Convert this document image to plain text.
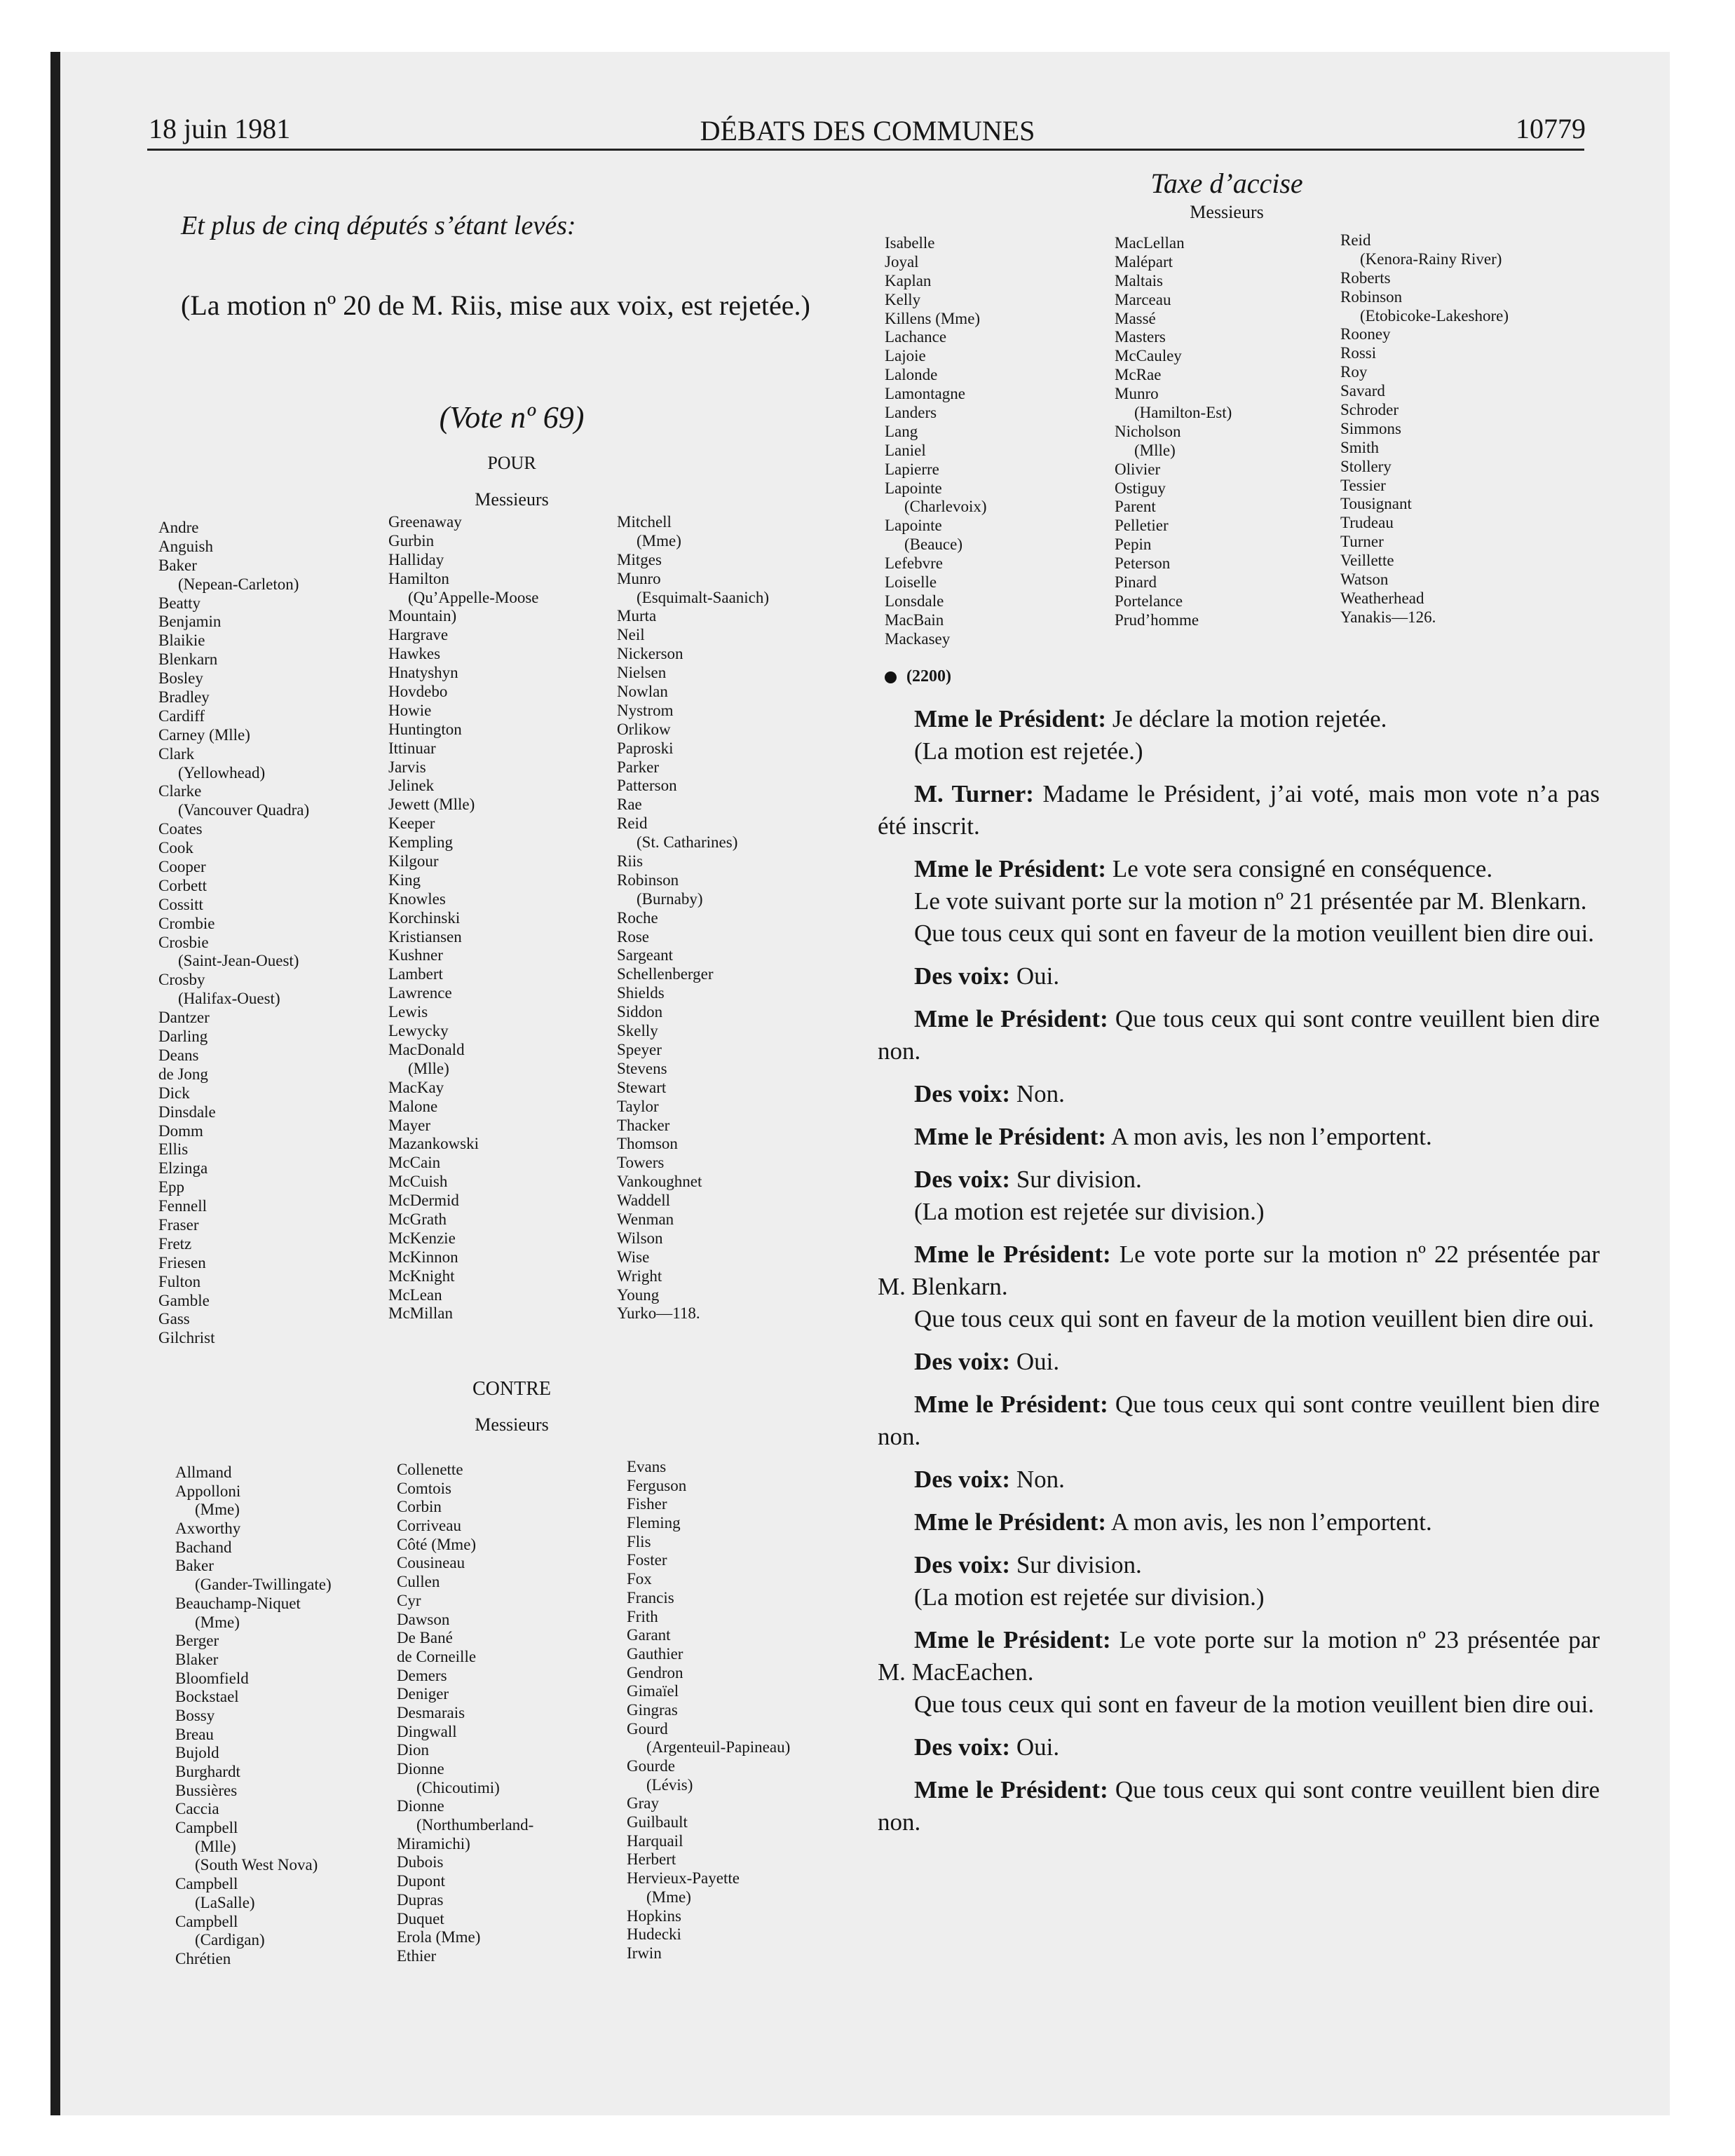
18 juin 1981	DÉBATS DES COMMUNES	10779
Et plus de cinq députés s’étant levés:
(La motion nº 20 de M. Riis, mise aux voix, est rejetée.)
(Vote nº 69)
POUR
Messieurs
Andre
Anguish
Baker
(Nepean-Carleton)
Beatty
Benjamin
Blaikie
Blenkarn
Bosley
Bradley
Cardiff
Carney (Mlle)
Clark
(Yellowhead)
Clarke
(Vancouver Quadra)
Coates
Cook
Cooper
Corbett
Cossitt
Crombie
Crosbie
(Saint-Jean-Ouest)
Crosby
(Halifax-Ouest)
Dantzer
Darling
Deans
de Jong
Dick
Dinsdale
Domm
Ellis
Elzinga
Epp
Fennell
Fraser
Fretz
Friesen
Fulton
Gamble
Gass
Gilchrist
Greenaway
Gurbin
Halliday
Hamilton
(Qu’Appelle-Moose
Mountain)
Hargrave
Hawkes
Hnatyshyn
Hovdebo
Howie
Huntington
Ittinuar
Jarvis
Jelinek
Jewett (Mlle)
Keeper
Kempling
Kilgour
King
Knowles
Korchinski
Kristiansen
Kushner
Lambert
Lawrence
Lewis
Lewycky
MacDonald
(Mlle)
MacKay
Malone
Mayer
Mazankowski
McCain
McCuish
McDermid
McGrath
McKenzie
McKinnon
McKnight
McLean
McMillan
Mitchell
(Mme)
Mitges
Munro
(Esquimalt-Saanich)
Murta
Neil
Nickerson
Nielsen
Nowlan
Nystrom
Orlikow
Paproski
Parker
Patterson
Rae
Reid
(St. Catharines)
Riis
Robinson
(Burnaby)
Roche
Rose
Sargeant
Schellenberger
Shields
Siddon
Skelly
Speyer
Stevens
Stewart
Taylor
Thacker
Thomson
Towers
Vankoughnet
Waddell
Wenman
Wilson
Wise
Wright
Young
Yurko—118.
CONTRE
Messieurs
Allmand
Appolloni
(Mme)
Axworthy
Bachand
Baker
(Gander-Twillingate)
Beauchamp-Niquet
(Mme)
Berger
Blaker
Bloomfield
Bockstael
Bossy
Breau
Bujold
Burghardt
Bussières
Caccia
Campbell
(Mlle)
(South West Nova)
Campbell
(LaSalle)
Campbell
(Cardigan)
Chrétien
Collenette
Comtois
Corbin
Corriveau
Côté (Mme)
Cousineau
Cullen
Cyr
Dawson
De Bané
de Corneille
Demers
Deniger
Desmarais
Dingwall
Dion
Dionne
(Chicoutimi)
Dionne
(Northumberland-
Miramichi)
Dubois
Dupont
Dupras
Duquet
Erola (Mme)
Ethier
Evans
Ferguson
Fisher
Fleming
Flis
Foster
Fox
Francis
Frith
Garant
Gauthier
Gendron
Gimaïel
Gingras
Gourd
(Argenteuil-Papineau)
Gourde
(Lévis)
Gray
Guilbault
Harquail
Herbert
Hervieux-Payette
(Mme)
Hopkins
Hudecki
Irwin
Taxe d’accise
Messieurs
Isabelle
Joyal
Kaplan
Kelly
Killens (Mme)
Lachance
Lajoie
Lalonde
Lamontagne
Landers
Lang
Laniel
Lapierre
Lapointe
(Charlevoix)
Lapointe
(Beauce)
Lefebvre
Loiselle
Lonsdale
MacBain
Mackasey
MacLellan
Malépart
Maltais
Marceau
Massé
Masters
McCauley
McRae
Munro
(Hamilton-Est)
Nicholson
(Mlle)
Olivier
Ostiguy
Parent
Pelletier
Pepin
Peterson
Pinard
Portelance
Prud’homme
Reid
(Kenora-Rainy River)
Roberts
Robinson
(Etobicoke-Lakeshore)
Rooney
Rossi
Roy
Savard
Schroder
Simmons
Smith
Stollery
Tessier
Tousignant
Trudeau
Turner
Veillette
Watson
Weatherhead
Yanakis—126.
(2200)

Mme le Président: Je déclare la motion rejetée.

(La motion est rejetée.)

M. Turner: Madame le Président, j’ai voté, mais mon vote n’a pas été inscrit.

Mme le Président: Le vote sera consigné en conséquence.

Le vote suivant porte sur la motion nº 21 présentée par M. Blenkarn.

Que tous ceux qui sont en faveur de la motion veuillent bien dire oui.

Des voix: Oui.

Mme le Président: Que tous ceux qui sont contre veuillent bien dire non.

Des voix: Non.

Mme le Président: A mon avis, les non l’emportent.

Des voix: Sur division.

(La motion est rejetée sur division.)

Mme le Président: Le vote porte sur la motion nº 22 présentée par M. Blenkarn.

Que tous ceux qui sont en faveur de la motion veuillent bien dire oui.

Des voix: Oui.

Mme le Président: Que tous ceux qui sont contre veuillent bien dire non.

Des voix: Non.

Mme le Président: A mon avis, les non l’emportent.

Des voix: Sur division.

(La motion est rejetée sur division.)

Mme le Président: Le vote porte sur la motion nº 23 présentée par M. MacEachen.

Que tous ceux qui sont en faveur de la motion veuillent bien dire oui.

Des voix: Oui.

Mme le Président: Que tous ceux qui sont contre veuillent bien dire non.
